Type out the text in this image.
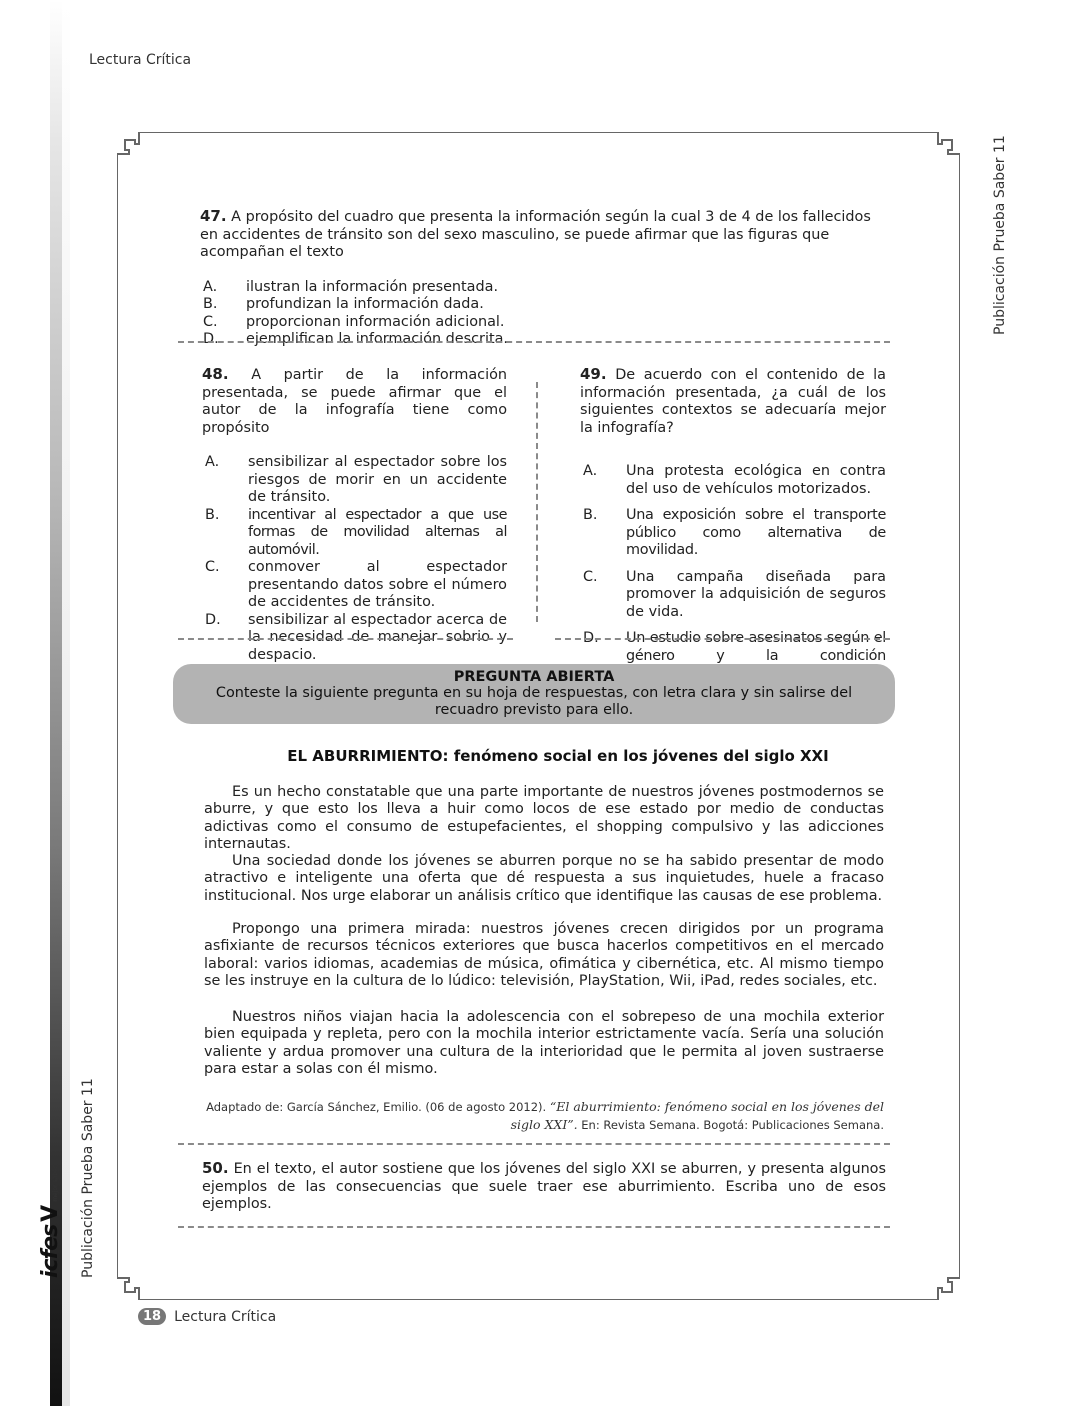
Lectura Crítica
Publicación Prueba Saber 11
Publicación Prueba Saber 11
icfes
V
mejor saber
47. A propósito del cuadro que presenta la información según la cual 3 de 4 de los fallecidos en accidentes de tránsito son del sexo masculino, se puede afirmar que las figuras que acompañan el texto
A.	ilustran la información presentada.
B.	profundizan la información dada.
C.	proporcionan información adicional.
D.	ejemplifican la información descrita.
48. A partir de la información presentada, se puede afirmar que el autor de la infografía tiene como propósito
A.	sensibilizar al espectador sobre los riesgos de morir en un accidente de tránsito.
B.	incentivar al espectador a que use formas de movilidad alternas al automóvil.
C.	conmover al espectador presentando datos sobre el número de accidentes de tránsito.
D.	sensibilizar al espectador acerca de la necesidad de manejar sobrio y despacio.
49. De acuerdo con el contenido de la información presentada, ¿a cuál de los siguientes contextos se adecuaría mejor la infografía?
A.	Una protesta ecológica en contra del uso de vehículos motorizados.
B.	Una exposición sobre el transporte público como alternativa de movilidad.
C.	Una campaña diseñada para promover la adquisición de seguros de vida.
D.	Un estudio sobre asesinatos según el género y la condición
PREGUNTA ABIERTA
Conteste la siguiente pregunta en su hoja de respuestas, con letra clara y sin salirse del recuadro previsto para ello.
EL ABURRIMIENTO: fenómeno social en los jóvenes del siglo XXI
Es un hecho constatable que una parte importante de nuestros jóvenes postmodernos se aburre, y que esto los lleva a huir como locos de ese estado por medio de conductas adictivas como el consumo de estupefacientes, el shopping compulsivo y las adicciones internautas.
Una sociedad donde los jóvenes se aburren porque no se ha sabido presentar de modo atractivo e inteligente una oferta que dé respuesta a sus inquietudes, huele a fracaso institucional. Nos urge elaborar un análisis crítico que identifique las causas de ese problema.
Propongo una primera mirada: nuestros jóvenes crecen dirigidos por un programa asfixiante de recursos técnicos exteriores que busca hacerlos competitivos en el mercado laboral: varios idiomas, academias de música, ofimática y cibernética, etc. Al mismo tiempo se les instruye en la cultura de lo lúdico: televisión, PlayStation, Wii, iPad, redes sociales, etc.
Nuestros niños viajan hacia la adolescencia con el sobrepeso de una mochila exterior bien equipada y repleta, pero con la mochila interior estrictamente vacía. Sería una solución valiente y ardua promover una cultura de la interioridad que le permita al joven sustraerse para estar a solas con él mismo.
Adaptado de: García Sánchez, Emilio. (06 de agosto 2012). “El aburrimiento: fenómeno social en los jóvenes del siglo XXI”. En: Revista Semana. Bogotá: Publicaciones Semana.
50. En el texto, el autor sostiene que los jóvenes del siglo XXI se aburren, y presenta algunos ejemplos de las consecuencias que suele traer ese aburrimiento. Escriba uno de esos ejemplos.
18 Lectura Crítica
